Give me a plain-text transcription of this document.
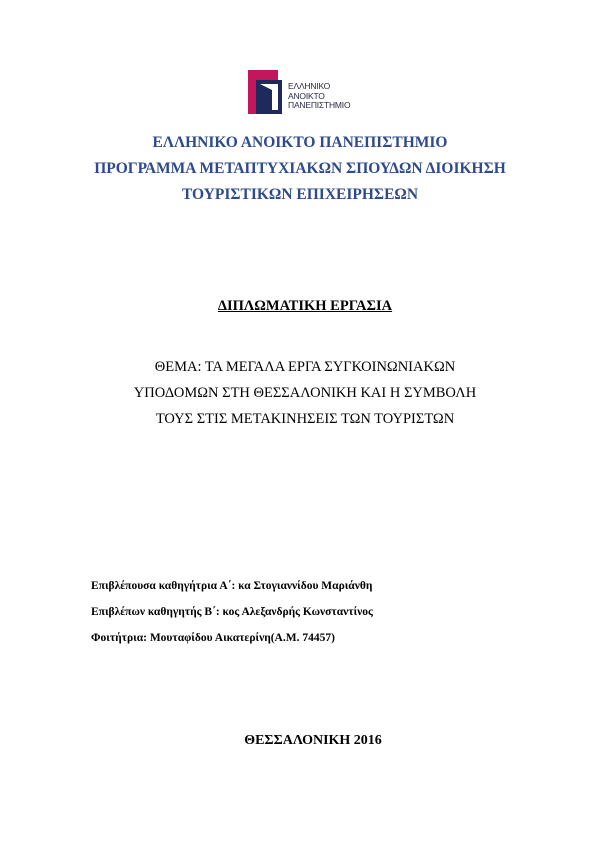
ΕΛΛΗΝΙΚΟ
ΑΝΟΙΚΤΟ
ΠΑΝΕΠΙΣΤΗΜΙΟ
ΕΛΛΗΝΙΚΟ ΑΝΟΙΚΤΟ ΠΑΝΕΠΙΣΤΗΜΙΟ
ΠΡΟΓΡΑΜΜΑ ΜΕΤΑΠΤΥΧΙΑΚΩΝ ΣΠΟΥΔΩΝ ΔΙΟΙΚΗΣΗ
ΤΟΥΡΙΣΤΙΚΩΝ ΕΠΙΧΕΙΡΗΣΕΩΝ
ΔΙΠΛΩΜΑΤΙΚΗ ΕΡΓΑΣΙΑ
ΘΕΜΑ: ΤΑ ΜΕΓΑΛΑ ΕΡΓΑ ΣΥΓΚΟΙΝΩΝΙΑΚΩΝ
ΥΠΟΔΟΜΩΝ ΣΤΗ ΘΕΣΣΑΛΟΝΙΚΗ ΚΑΙ Η ΣΥΜΒΟΛΗ
ΤΟΥΣ ΣΤΙΣ ΜΕΤΑΚΙΝΗΣΕΙΣ ΤΩΝ ΤΟΥΡΙΣΤΩΝ
Επιβλέπουσα καθηγήτρια Α΄: κα Στογιαννίδου Μαριάνθη
Επιβλέπων καθηγητής Β΄: κος Αλεξανδρής Κωνσταντίνος
Φοιτήτρια: Μουταφίδου Αικατερίνη(Α.Μ. 74457)
ΘΕΣΣΑΛΟΝΙΚΗ 2016
